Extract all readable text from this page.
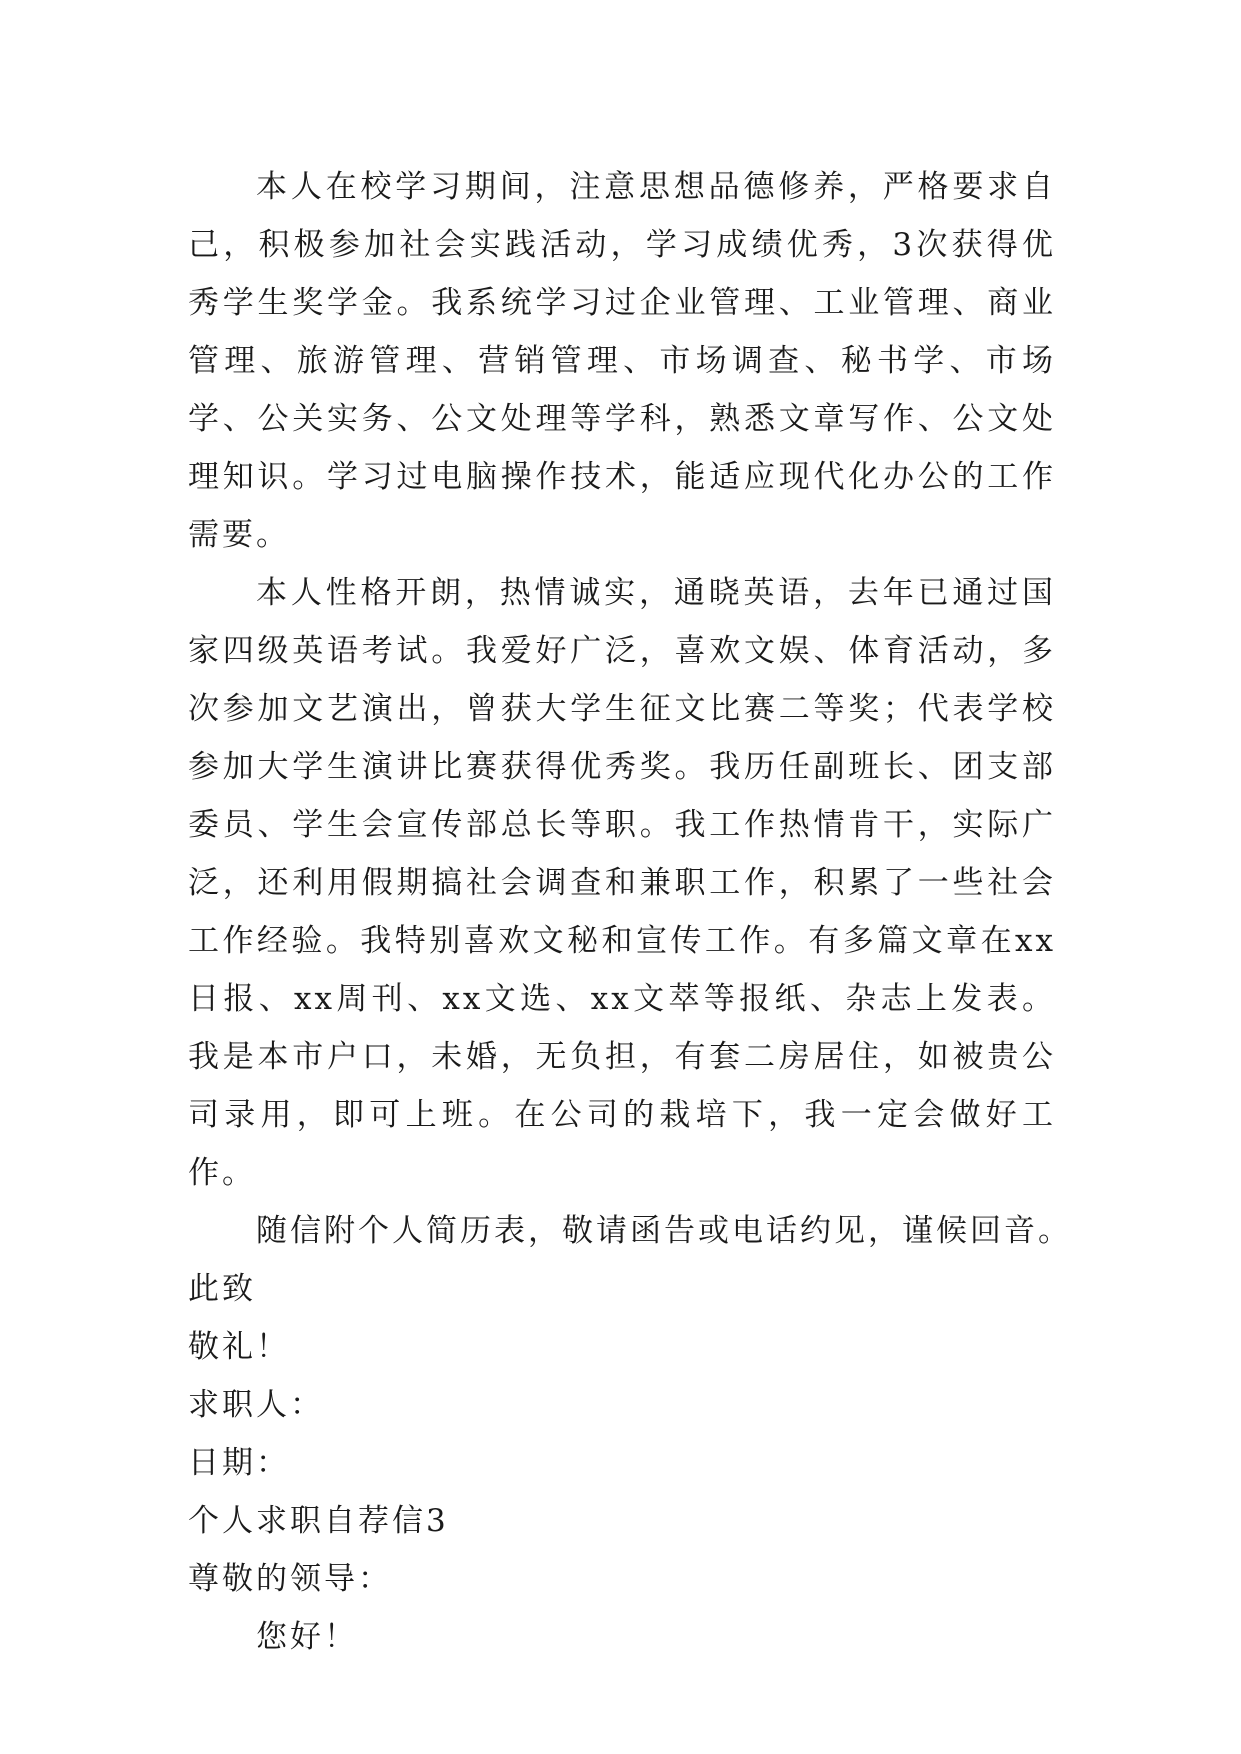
本人在校学习期间，注意思想品德修养，严格要求自己，积极参加社会实践活动，学习成绩优秀，3次获得优秀学生奖学金。我系统学习过企业管理、工业管理、商业管理、旅游管理、营销管理、市场调查、秘书学、市场学、公关实务、公文处理等学科，熟悉文章写作、公文处理知识。学习过电脑操作技术，能适应现代化办公的工作需要。

本人性格开朗，热情诚实，通晓英语，去年已通过国家四级英语考试。我爱好广泛，喜欢文娱、体育活动，多次参加文艺演出，曾获大学生征文比赛二等奖；代表学校参加大学生演讲比赛获得优秀奖。我历任副班长、团支部委员、学生会宣传部总长等职。我工作热情肯干，实际广泛，还利用假期搞社会调查和兼职工作，积累了一些社会工作经验。我特别喜欢文秘和宣传工作。有多篇文章在xx日报、xx周刊、xx文选、xx文萃等报纸、杂志上发表。我是本市户口，未婚，无负担，有套二房居住，如被贵公司录用，即可上班。在公司的栽培下，我一定会做好工作。

随信附个人简历表，敬请函告或电话约见，谨候回音。

此致

敬礼！

求职人：

日期：

个人求职自荐信3

尊敬的领导：

您好！
